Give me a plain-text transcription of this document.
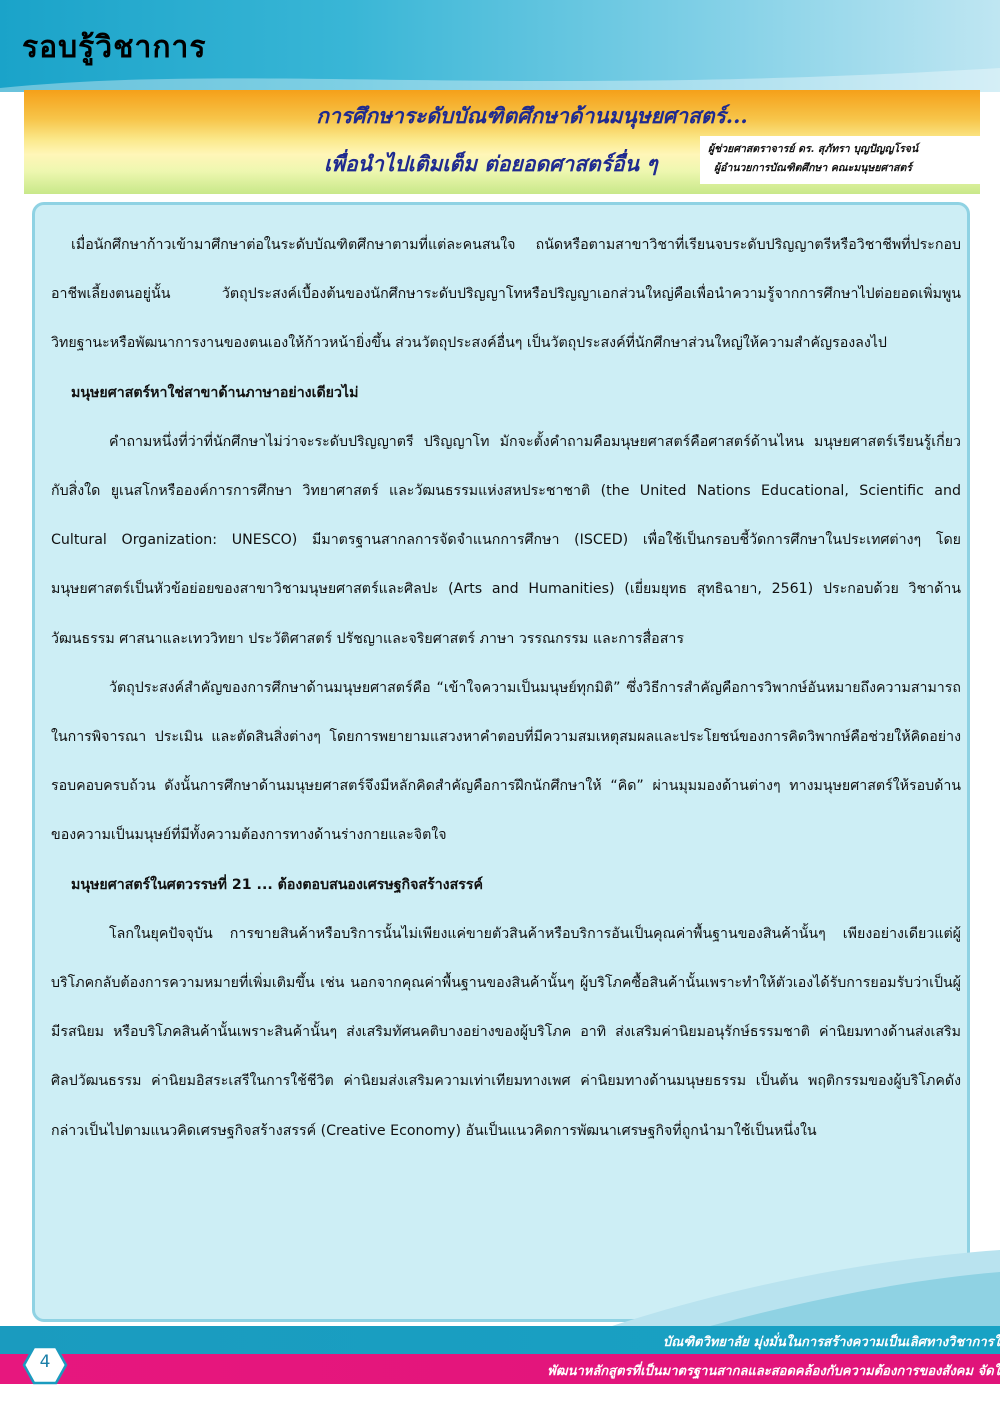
รอบรู้วิชาการ
การศึกษาระดับบัณฑิตศึกษาด้านมนุษยศาสตร์...
เพื่อนำไปเติมเต็ม ต่อยอดศาสตร์อื่น ๆ
ผู้ช่วยศาสตราจารย์ ดร. สุภัทรา บุญปัญญโรจน์
ผู้อำนวยการบัณฑิตศึกษา คณะมนุษยศาสตร์

เมื่อนักศึกษาก้าวเข้ามาศึกษาต่อในระดับบัณฑิตศึกษาตามที่แต่ละคนสนใจ ถนัดหรือตามสาขาวิชาที่เรียนจบระดับปริญญาตรีหรือวิชาชีพที่ประกอบอาชีพเลี้ยงตนอยู่นั้น วัตถุประสงค์เบื้องต้นของนักศึกษาระดับปริญญาโทหรือปริญญาเอกส่วนใหญ่คือเพื่อนำความรู้จากการศึกษาไปต่อยอดเพิ่มพูนวิทยฐานะหรือพัฒนาการงานของตนเองให้ก้าวหน้ายิ่งขึ้น ส่วนวัตถุประสงค์อื่นๆ เป็นวัตถุประสงค์ที่นักศึกษาส่วนใหญ่ให้ความสำคัญรองลงไป

มนุษยศาสตร์หาใช่สาขาด้านภาษาอย่างเดียวไม่

คำถามหนึ่งที่ว่าที่นักศึกษาไม่ว่าจะระดับปริญญาตรี ปริญญาโท มักจะตั้งคำถามคือมนุษยศาสตร์คือศาสตร์ด้านไหน มนุษยศาสตร์เรียนรู้เกี่ยวกับสิ่งใด ยูเนสโกหรือองค์การการศึกษา วิทยาศาสตร์ และวัฒนธรรมแห่งสหประชาชาติ (the United Nations Educational, Scientific and Cultural Organization: UNESCO) มีมาตรฐานสากลการจัดจำแนกการศึกษา (ISCED) เพื่อใช้เป็นกรอบชี้วัดการศึกษาในประเทศต่างๆ โดยมนุษยศาสตร์เป็นหัวข้อย่อยของสาขาวิชามนุษยศาสตร์และศิลปะ (Arts and Humanities) (เยี่ยมยุทธ สุทธิฉายา, 2561) ประกอบด้วย วิชาด้านวัฒนธรรม ศาสนาและเทววิทยา ประวัติศาสตร์ ปรัชญาและจริยศาสตร์ ภาษา วรรณกรรม และการสื่อสาร

วัตถุประสงค์สำคัญของการศึกษาด้านมนุษยศาสตร์คือ “เข้าใจความเป็นมนุษย์ทุกมิติ” ซึ่งวิธีการสำคัญคือการวิพากษ์อันหมายถึงความสามารถในการพิจารณา ประเมิน และตัดสินสิ่งต่างๆ โดยการพยายามแสวงหาคำตอบที่มีความสมเหตุสมผลและประโยชน์ของการคิดวิพากษ์คือช่วยให้คิดอย่างรอบคอบครบถ้วน ดังนั้นการศึกษาด้านมนุษยศาสตร์จึงมีหลักคิดสำคัญคือการฝึกนักศึกษาให้ “คิด” ผ่านมุมมองด้านต่างๆ ทางมนุษยศาสตร์ให้รอบด้านของความเป็นมนุษย์ที่มีทั้งความต้องการทางด้านร่างกายและจิตใจ

มนุษยศาสตร์ในศตวรรษที่ 21 ... ต้องตอบสนองเศรษฐกิจสร้างสรรค์

โลกในยุคปัจจุบัน การขายสินค้าหรือบริการนั้นไม่เพียงแค่ขายตัวสินค้าหรือบริการอันเป็นคุณค่าพื้นฐานของสินค้านั้นๆ เพียงอย่างเดียวแต่ผู้บริโภคกลับต้องการความหมายที่เพิ่มเติมขึ้น เช่น นอกจากคุณค่าพื้นฐานของสินค้านั้นๆ ผู้บริโภคซื้อสินค้านั้นเพราะทำให้ตัวเองได้รับการยอมรับว่าเป็นผู้มีรสนิยม หรือบริโภคสินค้านั้นเพราะสินค้านั้นๆ ส่งเสริมทัศนคติบางอย่างของผู้บริโภค อาทิ ส่งเสริมค่านิยมอนุรักษ์ธรรมชาติ ค่านิยมทางด้านส่งเสริมศิลปวัฒนธรรม ค่านิยมอิสระเสรีในการใช้ชีวิต ค่านิยมส่งเสริมความเท่าเทียมทางเพศ ค่านิยมทางด้านมนุษยธรรม เป็นต้น พฤติกรรมของผู้บริโภคดังกล่าวเป็นไปตามแนวคิดเศรษฐกิจสร้างสรรค์ (Creative Economy) อันเป็นแนวคิดการพัฒนาเศรษฐกิจที่ถูกนำมาใช้เป็นหนึ่งใน

บัณฑิตวิทยาลัย มุ่งมั่นในการสร้างความเป็นเลิศทางวิชาการใ
พัฒนาหลักสูตรที่เป็นมาตรฐานสากลและสอดคล้องกับความต้องการของสังคม จัดใ
4
